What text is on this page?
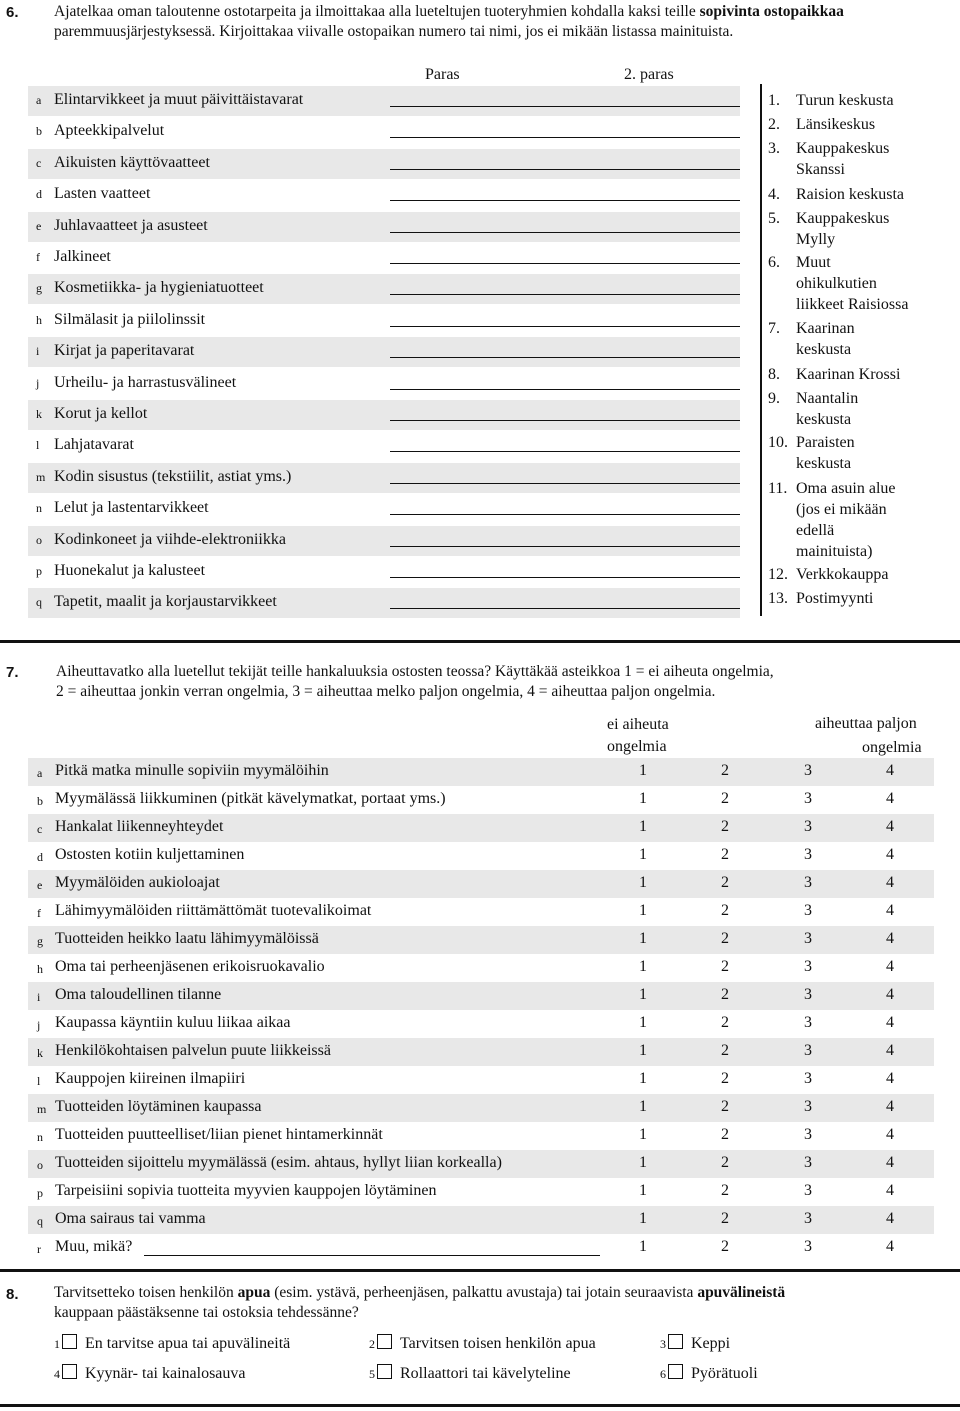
6. Ajatelkaa oman taloutenne ostotarpeita ja ilmoittakaa alla lueteltujen tuoteryhmien kohdalla kaksi teille sopivinta ostopaikkaa paremmuusjärjestyksessä. Kirjoittakaa viivalle ostopaikan numero tai nimi, jos ei mikään listassa mainituista.
Paras	2. paras
a Elintarvikkeet ja muut päivittäistavarat
b Apteekkipalvelut
c Aikuisten käyttövaatteet
d Lasten vaatteet
e Juhlavaatteet ja asusteet
f Jalkineet
g Kosmetiikka- ja hygieniatuotteet
h Silmälasit ja piilolinssit
i Kirjat ja paperitavarat
j Urheilu- ja harrastusvälineet
k Korut ja kellot
l Lahjatavarat
m Kodin sisustus (tekstiilit, astiat yms.)
n Lelut ja lastentarvikkeet
o Kodinkoneet ja viihde-elektroniikka
p Huonekalut ja kalusteet
q Tapetit, maalit ja korjaustarvikkeet
1. Turun keskusta
2. Länsikeskus
3. Kauppakeskus
Skanssi
4. Raision keskusta
5. Kauppakeskus
Mylly
6. Muut
ohikulkutien
liikkeet Raisiossa
7. Kaarinan
keskusta
8. Kaarinan Krossi
9. Naantalin
keskusta
10. Paraisten
keskusta
11. Oma asuin alue
(jos ei mikään
edellä
mainituista)
12. Verkkokauppa
13. Postimyynti
7. Aiheuttavatko alla luetellut tekijät teille hankaluuksia ostosten teossa? Käyttäkää asteikkoa 1 = ei aiheuta ongelmia,
2 = aiheuttaa jonkin verran ongelmia, 3 = aiheuttaa melko paljon ongelmia, 4 = aiheuttaa paljon ongelmia.
ei aiheuta
ongelmia
aiheuttaa paljon
ongelmia
a Pitkä matka minulle sopiviin myymälöihin	1	2	3	4
b Myymälässä liikkuminen (pitkät kävelymatkat, portaat yms.)	1	2	3	4
c Hankalat liikenneyhteydet	1	2	3	4
d Ostosten kotiin kuljettaminen	1	2	3	4
e Myymälöiden aukioloajat	1	2	3	4
f Lähimyymälöiden riittämättömät tuotevalikoimat	1	2	3	4
g Tuotteiden heikko laatu lähimyymälöissä	1	2	3	4
h Oma tai perheenjäsenen erikoisruokavalio	1	2	3	4
i Oma taloudellinen tilanne	1	2	3	4
j Kaupassa käyntiin kuluu liikaa aikaa	1	2	3	4
k Henkilökohtaisen palvelun puute liikkeissä	1	2	3	4
l Kauppojen kiireinen ilmapiiri	1	2	3	4
m Tuotteiden löytäminen kaupassa	1	2	3	4
n Tuotteiden puutteelliset/liian pienet hintamerkinnät	1	2	3	4
o Tuotteiden sijoittelu myymälässä (esim. ahtaus, hyllyt liian korkealla)	1	2	3	4
p Tarpeisiini sopivia tuotteita myyvien kauppojen löytäminen	1	2	3	4
q Oma sairaus tai vamma	1	2	3	4
r Muu, mikä?	1	2	3	4
8. Tarvitsetteko toisen henkilön apua (esim. ystävä, perheenjäsen, palkattu avustaja) tai jotain seuraavista apuvälineistä
kauppaan päästäksenne tai ostoksia tehdessänne?
1 En tarvitse apua tai apuvälineitä	2 Tarvitsen toisen henkilön apua	3 Keppi
4 Kyynär- tai kainalosauva	5 Rollaattori tai kävelyteline	6 Pyörätuoli
